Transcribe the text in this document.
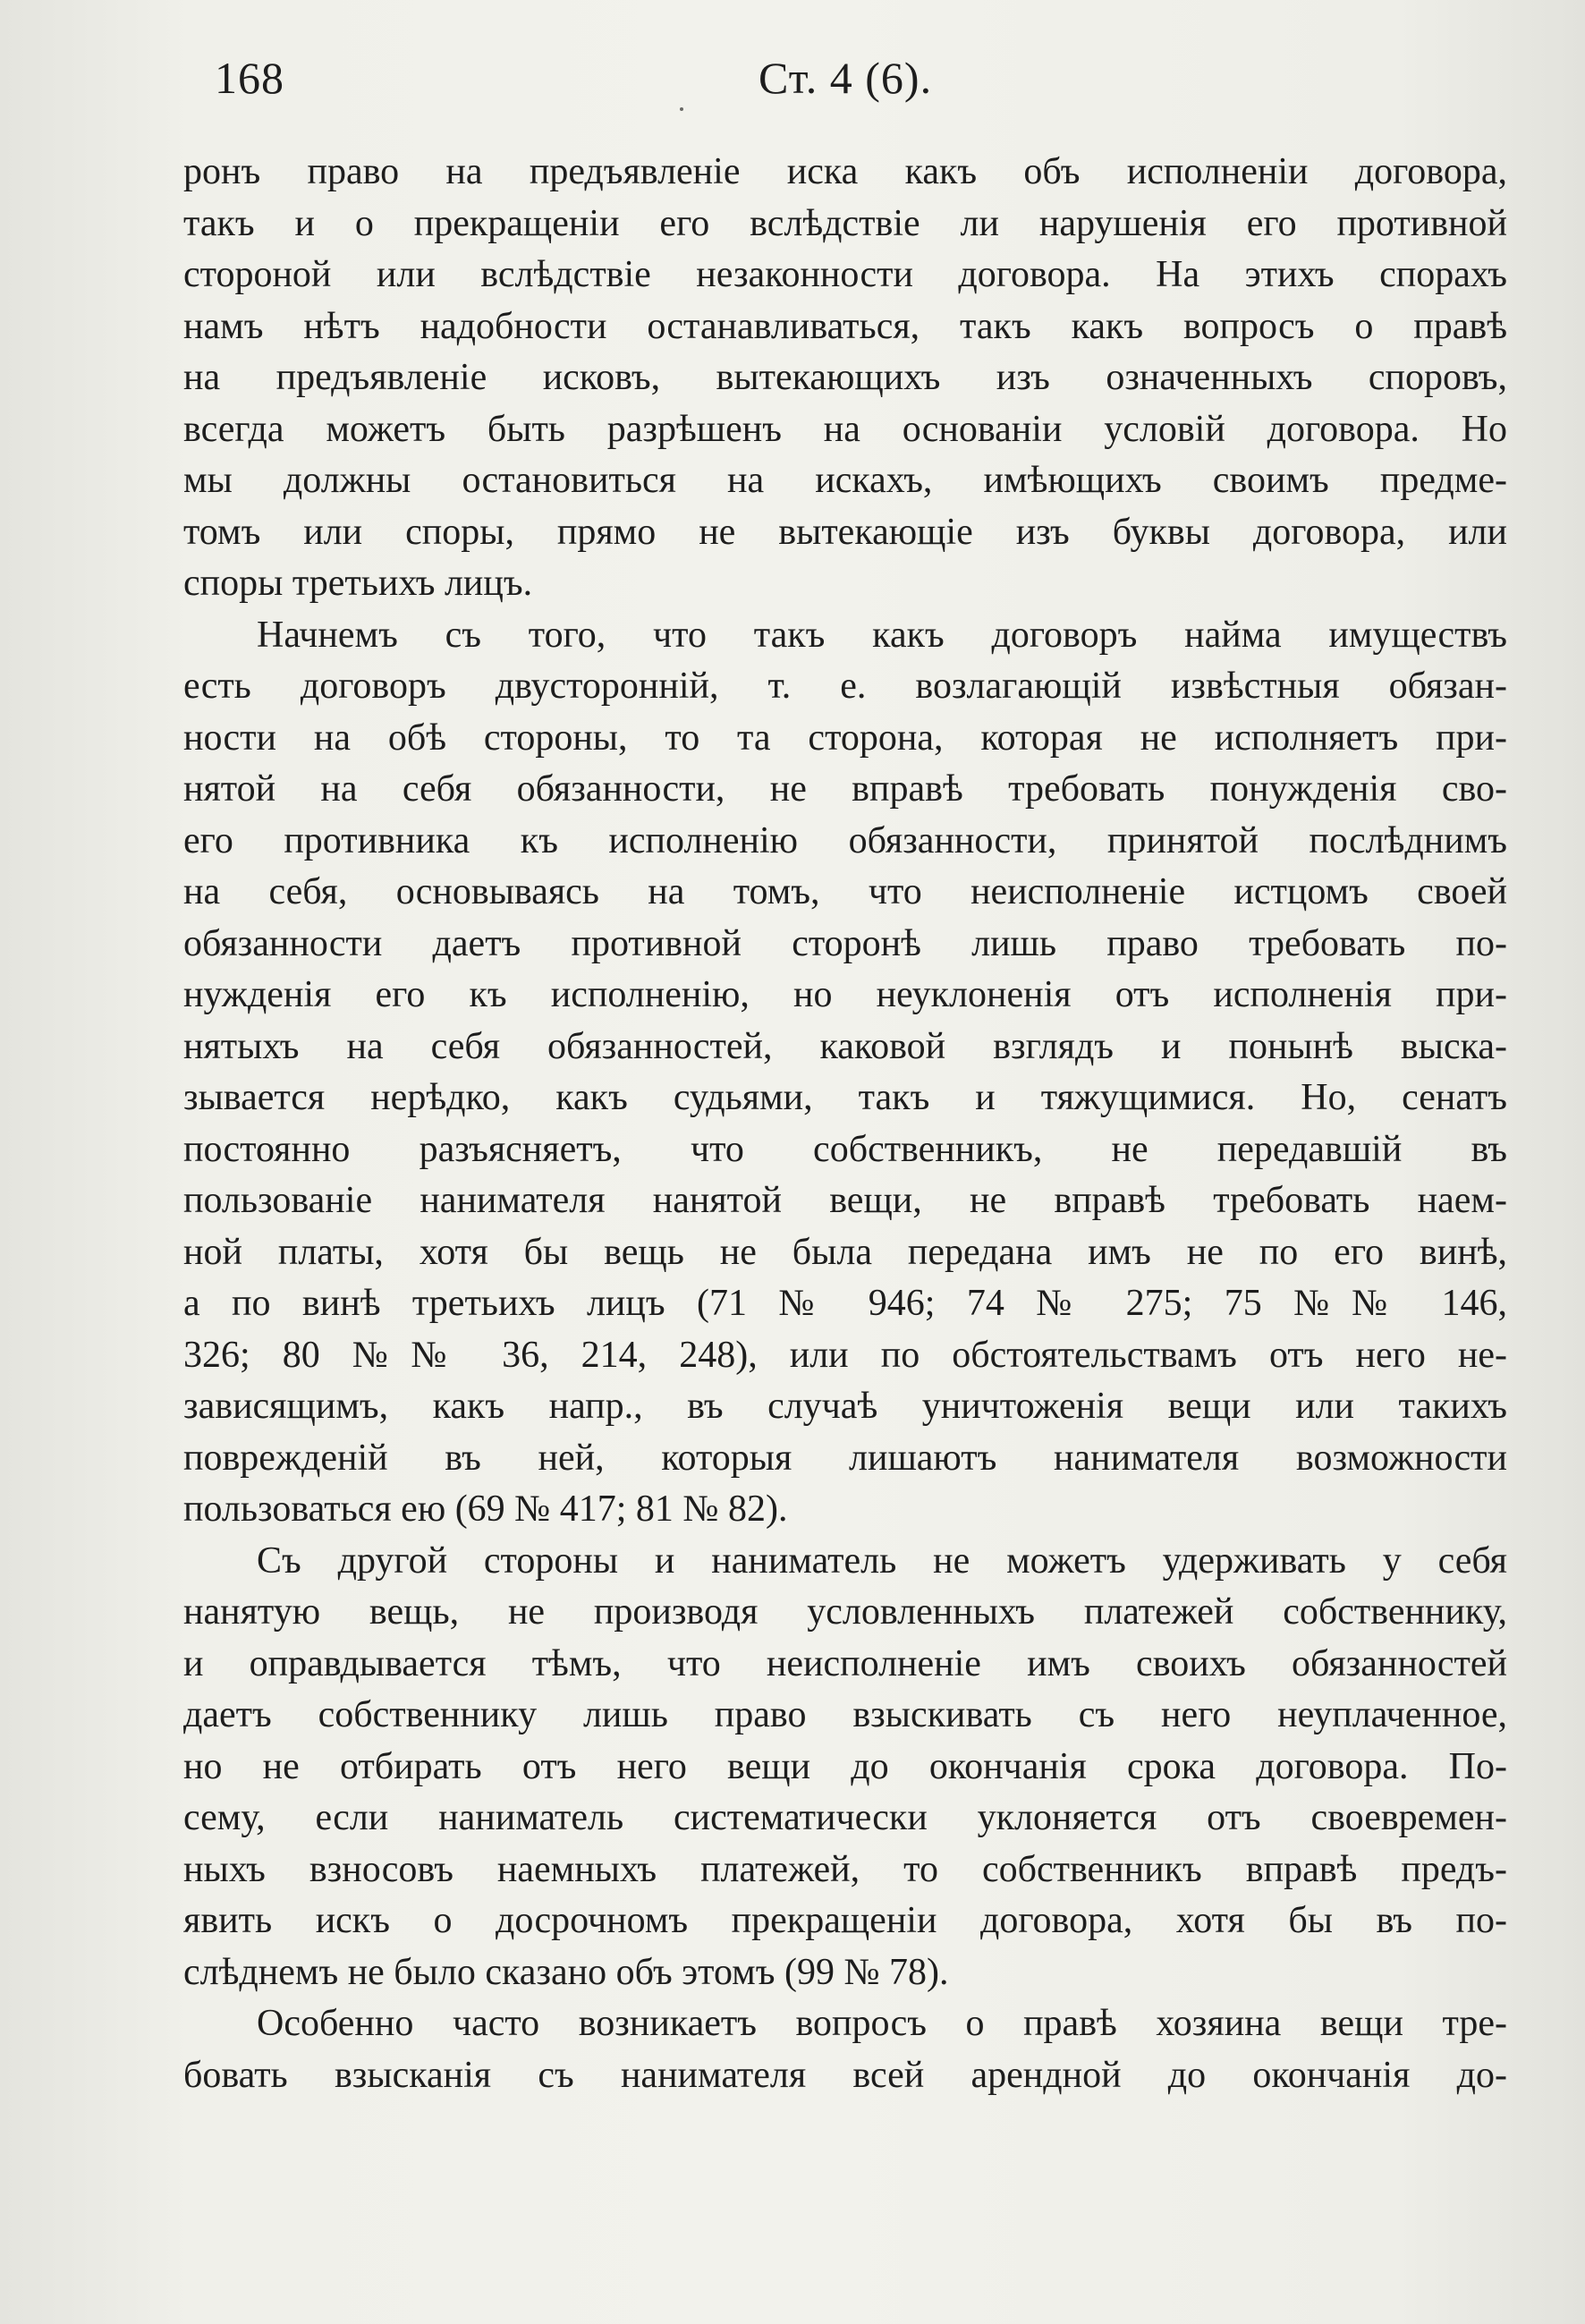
168	Ст. 4 (6).
ронъ право на предъявленіе иска какъ объ исполненіи договора,
такъ и о прекращеніи его вслѣдствіе ли нарушенія его противной
стороной или вслѣдствіе незаконности договора. На этихъ спорахъ
намъ нѣтъ надобности останавливаться, такъ какъ вопросъ о правѣ
на предъявленіе исковъ, вытекающихъ изъ означенныхъ споровъ,
всегда можетъ быть разрѣшенъ на основаніи условій договора. Но
мы должны остановиться на искахъ, имѣющихъ своимъ предме-
томъ или споры, прямо не вытекающіе изъ буквы договора, или
споры третьихъ лицъ.
Начнемъ съ того, что такъ какъ договоръ найма имуществъ
есть договоръ двусторонній, т. е. возлагающій извѣстныя обязан-
ности на обѣ стороны, то та сторона, которая не исполняетъ при-
нятой на себя обязанности, не вправѣ требовать понужденія сво-
его противника къ исполненію обязанности, принятой послѣднимъ
на себя, основываясь на томъ, что неисполненіе истцомъ своей
обязанности даетъ противной сторонѣ лишь право требовать по-
нужденія его къ исполненію, но неуклоненія отъ исполненія при-
нятыхъ на себя обязанностей, каковой взглядъ и понынѣ выска-
зывается нерѣдко, какъ судьями, такъ и тяжущимися. Но, сенатъ
постоянно разъясняетъ, что собственникъ, не передавшій въ
пользованіе нанимателя нанятой вещи, не вправѣ требовать наем-
ной платы, хотя бы вещь не была передана имъ не по его винѣ,
а по винѣ третьихъ лицъ (71 № 946; 74 № 275; 75 №№ 146,
326; 80 №№ 36, 214, 248), или по обстоятельствамъ отъ него не-
зависящимъ, какъ напр., въ случаѣ уничтоженія вещи или такихъ
поврежденій въ ней, которыя лишаютъ нанимателя возможности
пользоваться ею (69 № 417; 81 № 82).
Съ другой стороны и наниматель не можетъ удерживать у себя
нанятую вещь, не производя условленныхъ платежей собственнику,
и оправдывается тѣмъ, что неисполненіе имъ своихъ обязанностей
даетъ собственнику лишь право взыскивать съ него неуплаченное,
но не отбирать отъ него вещи до окончанія срока договора. По-
сему, если наниматель систематически уклоняется отъ своевремен-
ныхъ взносовъ наемныхъ платежей, то собственникъ вправѣ предъ-
явить искъ о досрочномъ прекращеніи договора, хотя бы въ по-
слѣднемъ не было сказано объ этомъ (99 № 78).
Особенно часто возникаетъ вопросъ о правѣ хозяина вещи тре-
бовать взысканія съ нанимателя всей арендной до окончанія до-
